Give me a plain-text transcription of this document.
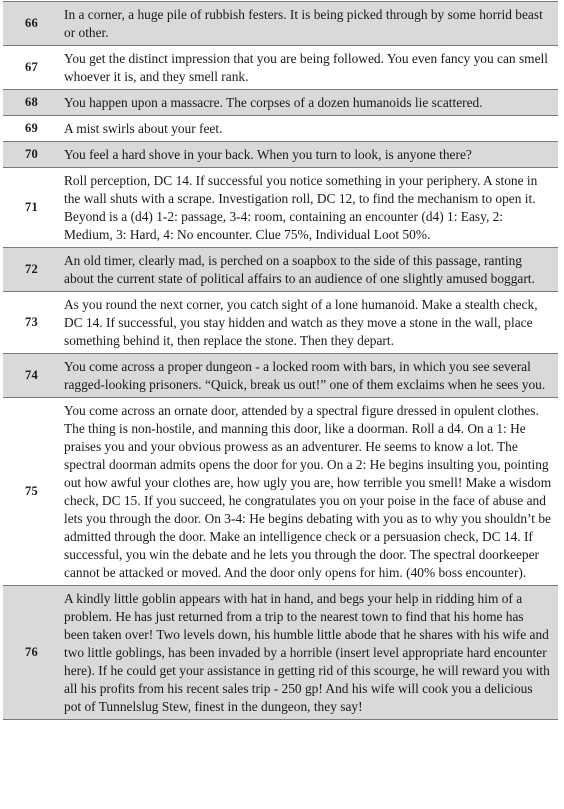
66	In a corner, a huge pile of rubbish festers. It is being picked through by some horrid beast or other.
67	You get the distinct impression that you are being followed. You even fancy you can smell whoever it is, and they smell rank.
68	You happen upon a massacre. The corpses of a dozen humanoids lie scattered.
69	A mist swirls about your feet.
70	You feel a hard shove in your back. When you turn to look, is anyone there?
71	Roll perception, DC 14. If successful you notice something in your periphery. A stone in the wall shuts with a scrape. Investigation roll, DC 12, to find the mechanism to open it. Beyond is a (d4) 1-2: passage, 3-4: room, containing an encounter (d4) 1: Easy, 2: Medium, 3: Hard, 4: No encounter. Clue 75%, Individual Loot 50%.
72	An old timer, clearly mad, is perched on a soapbox to the side of this passage, ranting about the current state of political affairs to an audience of one slightly amused boggart.
73	As you round the next corner, you catch sight of a lone humanoid. Make a stealth check, DC 14. If successful, you stay hidden and watch as they move a stone in the wall, place something behind it, then replace the stone. Then they depart.
74	You come across a proper dungeon - a locked room with bars, in which you see several ragged-looking prisoners. “Quick, break us out!” one of them exclaims when he sees you.
75	You come across an ornate door, attended by a spectral figure dressed in opulent clothes. The thing is non-hostile, and manning this door, like a doorman. Roll a d4. On a 1: He praises you and your obvious prowess as an adventurer. He seems to know a lot. The spectral doorman admits opens the door for you. On a 2: He begins insulting you, pointing out how awful your clothes are, how ugly you are, how terrible you smell! Make a wisdom check, DC 15. If you succeed, he congratulates you on your poise in the face of abuse and lets you through the door. On 3-4: He begins debating with you as to why you shouldn’t be admitted through the door. Make an intelligence check or a persuasion check, DC 14. If successful, you win the debate and he lets you through the door. The spectral doorkeeper cannot be attacked or moved. And the door only opens for him. (40% boss encounter).
76	A kindly little goblin appears with hat in hand, and begs your help in ridding him of a problem. He has just returned from a trip to the nearest town to find that his home has been taken over! Two levels down, his humble little abode that he shares with his wife and two little goblings, has been invaded by a horrible (insert level appropriate hard encounter here). If he could get your assistance in getting rid of this scourge, he will reward you with all his profits from his recent sales trip - 250 gp! And his wife will cook you a delicious pot of Tunnelslug Stew, finest in the dungeon, they say!
